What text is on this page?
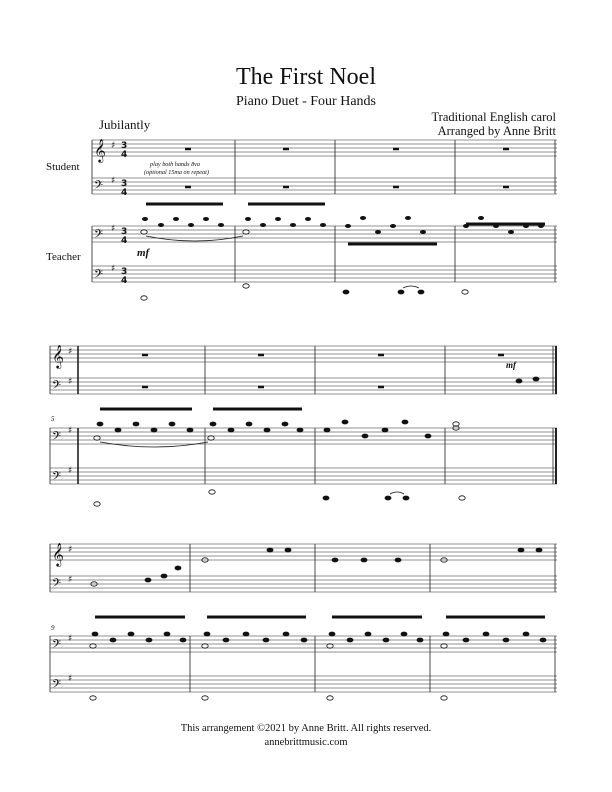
The First Noel
Piano Duet - Four Hands
Traditional English carol
Arranged by Anne Britt
Jubilantly
Student
Teacher
This arrangement ©2021 by Anne Britt. All rights reserved.
annebrittmusic.com
𝄞
𝄢
𝄢
𝄢
♯
♯
♯
♯
3
4
3
4
3
4
3
4
𝄞
𝄢
𝄢
𝄢
♯
♯
♯
♯
𝄞
𝄢
𝄢
𝄢
♯
♯
♯
♯
play both hands 8va
(optional 15ma on repeat)
mf
mf
5
9
